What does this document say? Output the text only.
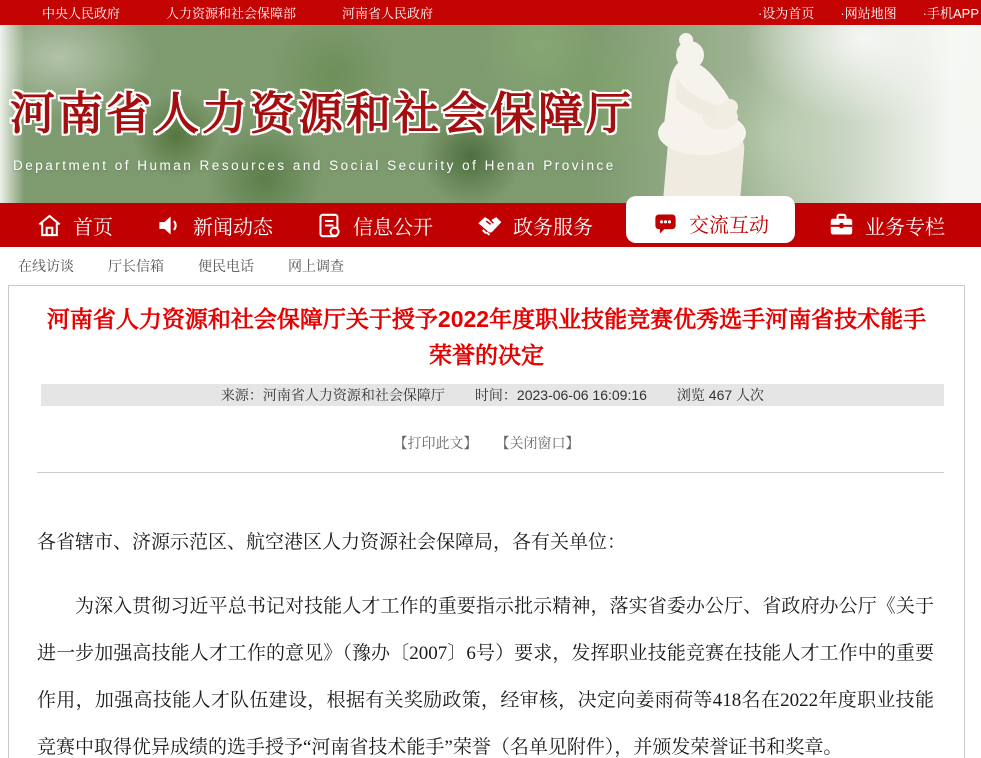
中央人民政府	人力资源和社会保障部	河南省人民政府	·设为首页 ·网站地图 ·手机APP
河南省人力资源和社会保障厅
Department of Human Resources and Social Security of Henan Province
首页	新闻动态	信息公开	政务服务	交流互动	业务专栏
在线访谈 厅长信箱 便民电话 网上调查
河南省人力资源和社会保障厅关于授予2022年度职业技能竞赛优秀选手河南省技术能手荣誉的决定
来源：河南省人力资源和社会保障厅 时间：2023-06-06 16:09:16 浏览 467 人次
【打印此文】 【关闭窗口】

各省辖市、济源示范区、航空港区人力资源社会保障局，各有关单位：

为深入贯彻习近平总书记对技能人才工作的重要指示批示精神，落实省委办公厅、省政府办公厅《关于进一步加强高技能人才工作的意见》（豫办〔2007〕6号）要求，发挥职业技能竞赛在技能人才工作中的重要作用，加强高技能人才队伍建设，根据有关奖励政策，经审核，决定向姜雨荷等418名在2022年度职业技能竞赛中取得优异成绩的选手授予“河南省技术能手”荣誉（名单见附件），并颁发荣誉证书和奖章。
